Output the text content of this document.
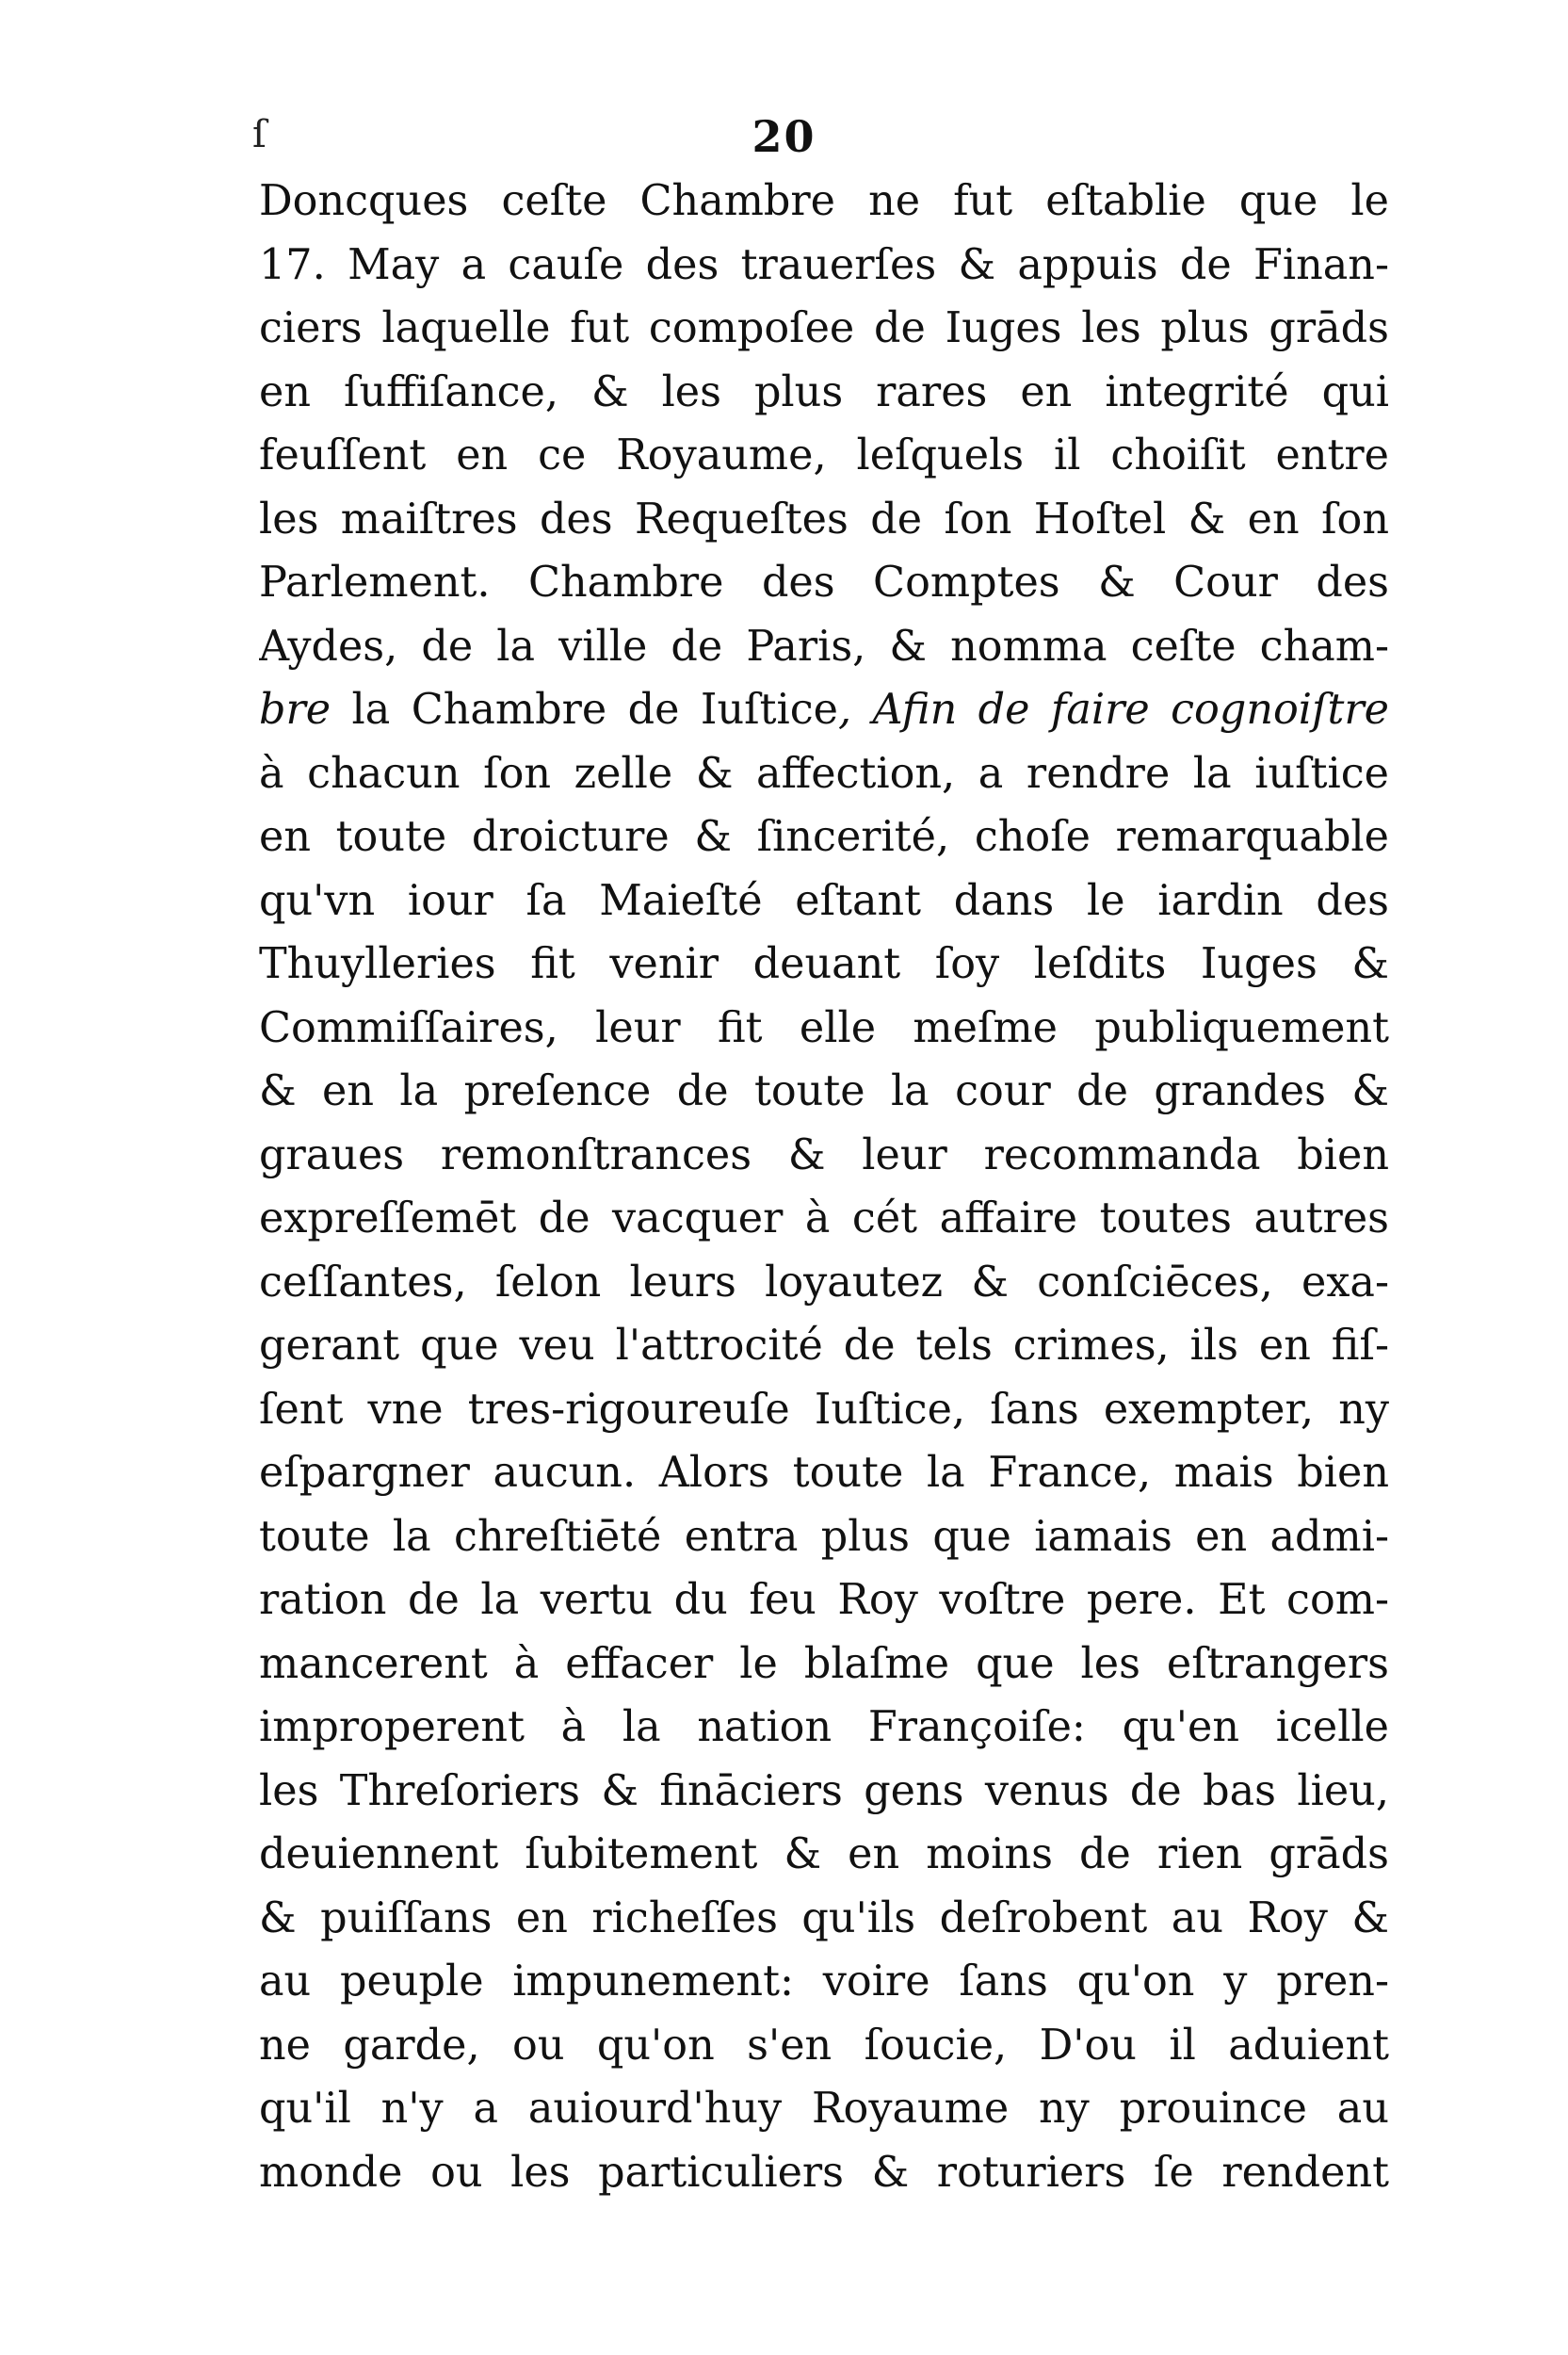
ſ	20
Doncques ceſte Chambre ne fut eſtablie que le
17. May a cauſe des trauerſes & appuis de Finan-
ciers laquelle fut compoſee de Iuges les plus grāds
en ſuffiſance, & les plus rares en integrité qui
feuſſent en ce Royaume, leſquels il choiſit entre
les maiſtres des Requeſtes de ſon Hoſtel & en ſon
Parlement. Chambre des Comptes & Cour des
Aydes, de la ville de Paris, & nomma ceſte cham-
bre la Chambre de Iuſtice, Afin de faire cognoiſtre
à chacun ſon zelle & affection, a rendre la iuſtice
en toute droicture & ſincerité, choſe remarquable
qu'vn iour ſa Maieſté eſtant dans le iardin des
Thuylleries fit venir deuant ſoy leſdits Iuges &
Commiſſaires, leur fit elle meſme publiquement
& en la preſence de toute la cour de grandes &
graues remonſtrances & leur recommanda bien
expreſſemēt de vacquer à cét affaire toutes autres
ceſſantes, ſelon leurs loyautez & conſciēces, exa-
gerant que veu l'attrocité de tels crimes, ils en fiſ-
ſent vne tres-rigoureuſe Iuſtice, ſans exempter, ny
eſpargner aucun. Alors toute la France, mais bien
toute la chreſtiēté entra plus que iamais en admi-
ration de la vertu du feu Roy voſtre pere. Et com-
mancerent à effacer le blaſme que les eſtrangers
improperent à la nation Françoiſe: qu'en icelle
les Threſoriers & fināciers gens venus de bas lieu,
deuiennent ſubitement & en moins de rien grāds
& puiſſans en richeſſes qu'ils deſrobent au Roy &
au peuple impunement: voire ſans qu'on y pren-
ne garde, ou qu'on s'en ſoucie, D'ou il aduient
qu'il n'y a auiourd'huy Royaume ny prouince au
monde ou les particuliers & roturiers ſe rendent
